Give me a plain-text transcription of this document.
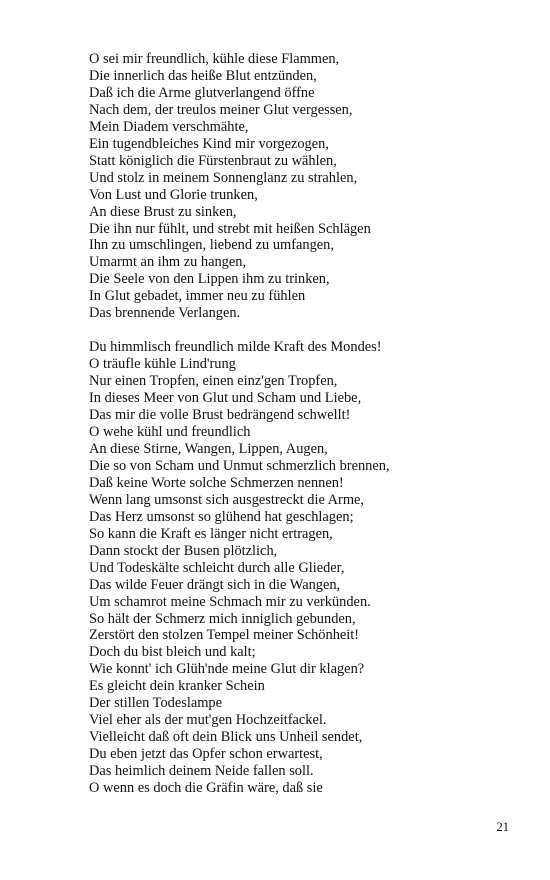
O sei mir freundlich, kühle diese Flammen,
Die innerlich das heiße Blut entzünden,
Daß ich die Arme glutverlangend öffne
Nach dem, der treulos meiner Glut vergessen,
Mein Diadem verschmähte,
Ein tugendbleiches Kind mir vorgezogen,
Statt königlich die Fürstenbraut zu wählen,
Und stolz in meinem Sonnenglanz zu strahlen,
Von Lust und Glorie trunken,
An diese Brust zu sinken,
Die ihn nur fühlt, und strebt mit heißen Schlägen
Ihn zu umschlingen, liebend zu umfangen,
Umarmt an ihm zu hangen,
Die Seele von den Lippen ihm zu trinken,
In Glut gebadet, immer neu zu fühlen
Das brennende Verlangen.
Du himmlisch freundlich milde Kraft des Mondes!
O träufle kühle Lind'rung
Nur einen Tropfen, einen einz'gen Tropfen,
In dieses Meer von Glut und Scham und Liebe,
Das mir die volle Brust bedrängend schwellt!
O wehe kühl und freundlich
An diese Stirne, Wangen, Lippen, Augen,
Die so von Scham und Unmut schmerzlich brennen,
Daß keine Worte solche Schmerzen nennen!
Wenn lang umsonst sich ausgestreckt die Arme,
Das Herz umsonst so glühend hat geschlagen;
So kann die Kraft es länger nicht ertragen,
Dann stockt der Busen plötzlich,
Und Todeskälte schleicht durch alle Glieder,
Das wilde Feuer drängt sich in die Wangen,
Um schamrot meine Schmach mir zu verkünden.
So hält der Schmerz mich inniglich gebunden,
Zerstört den stolzen Tempel meiner Schönheit!
Doch du bist bleich und kalt;
Wie konnt' ich Glüh'nde meine Glut dir klagen?
Es gleicht dein kranker Schein
Der stillen Todeslampe
Viel eher als der mut'gen Hochzeitfackel.
Vielleicht daß oft dein Blick uns Unheil sendet,
Du eben jetzt das Opfer schon erwartest,
Das heimlich deinem Neide fallen soll.
O wenn es doch die Gräfin wäre, daß sie
21
